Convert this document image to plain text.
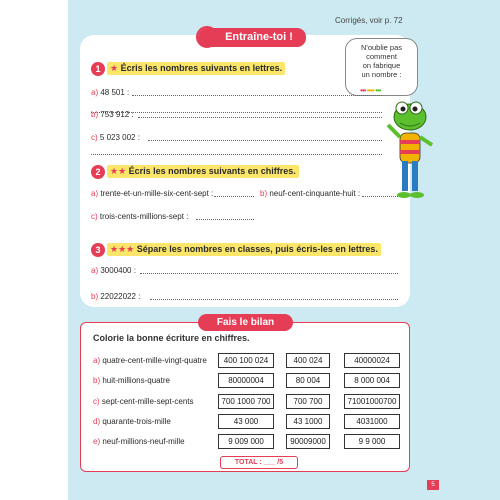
Corrigés, voir p. 72
Entraîne-toi !
N'oublie pas
comment
on fabrique
un nombre :
••• •••• •••
1	★ Écris les nombres suivants en lettres.
a) 48 501 :
b) 753 912 :
c) 5 023 002 :
2	★★ Écris les nombres suivants en chiffres.
a) trente-et-un-mille-six-cent-sept :	b) neuf-cent-cinquante-huit :
c) trois-cents-millions-sept :
3	★★★ Sépare les nombres en classes, puis écris-les en lettres.
a) 3000400 :
b) 22022022 :
Fais le bilan
Colorie la bonne écriture en chiffres.
a) quatre-cent-mille-vingt-quatre	400 100 024	400 024	40000024
b) huit-millions-quatre	80000004	80 004	8 000 004
c) sept-cent-mille-sept-cents	700 1000 700	700 700	71001000700
d) quarante-trois-mille	43 000	43 1000	4031000
e) neuf-millions-neuf-mille	9 009 000	90009000	9 9 000
TOTAL : ___ /5
5
